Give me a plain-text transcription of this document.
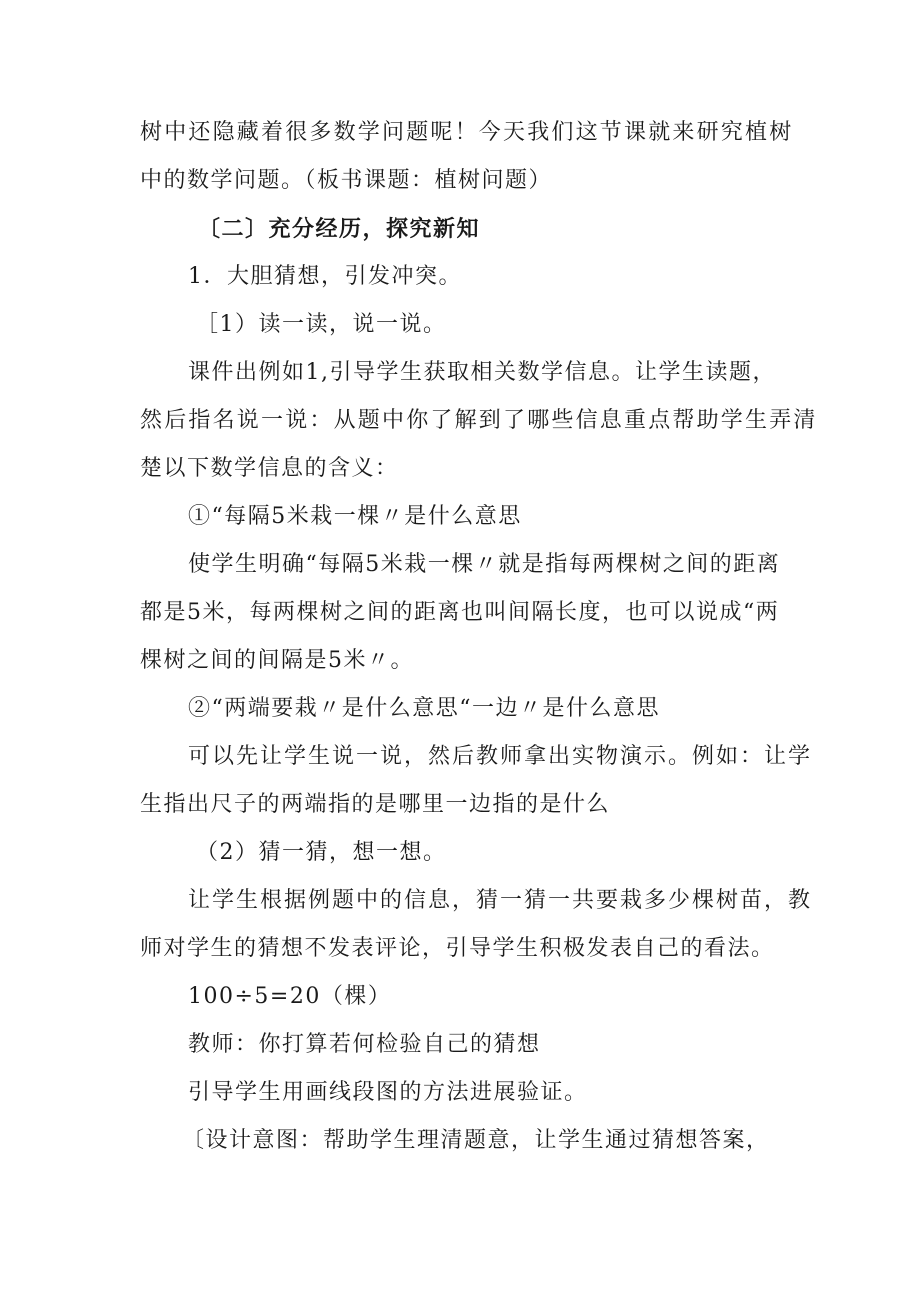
树中还隐藏着很多数学问题呢！今天我们这节课就来研究植树
中的数学问题。（板书课题：植树问题）
〔二〕充分经历，探究新知
1．大胆猜想，引发冲突。
［1）读一读，说一说。
课件出例如1,引导学生获取相关数学信息。让学生读题，
然后指名说一说：从题中你了解到了哪些信息重点帮助学生弄清
楚以下数学信息的含义：
①“每隔5米栽一棵〃是什么意思
使学生明确“每隔5米栽一棵〃就是指每两棵树之间的距离
都是5米，每两棵树之间的距离也叫间隔长度，也可以说成“两
棵树之间的间隔是5米〃。
②“两端要栽〃是什么意思“一边〃是什么意思
可以先让学生说一说，然后教师拿出实物演示。例如：让学
生指出尺子的两端指的是哪里一边指的是什么
（2）猜一猜，想一想。
让学生根据例题中的信息，猜一猜一共要栽多少棵树苗，教
师对学生的猜想不发表评论，引导学生积极发表自己的看法。
100÷5=20（棵）
教师：你打算若何检验自己的猜想
引导学生用画线段图的方法进展验证。
〔设计意图：帮助学生理清题意，让学生通过猜想答案，
